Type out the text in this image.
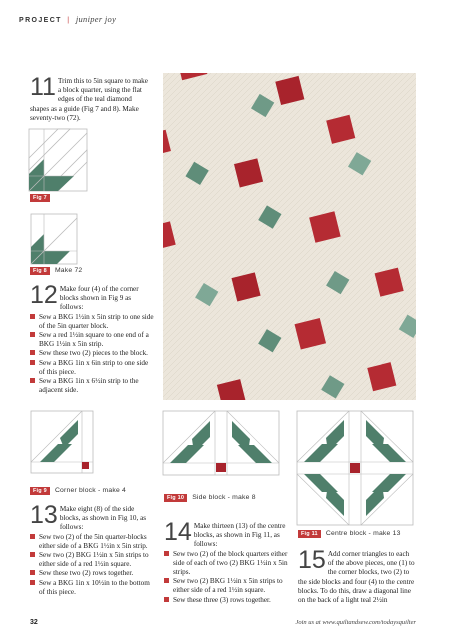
PROJECT | juniper joy
11 Trim this to 5in square to make a block quarter, using the flat edges of the teal diamond shapes as a guide (Fig 7 and 8). Make seventy-two (72).
Fig 7
Fig 8 Make 72
12 Make four (4) of the corner blocks shown in Fig 9 as follows:
Sew a BKG 1½in x 5in strip to one side of the 5in quarter block.
Sew a red 1½in square to one end of a BKG 1½in x 5in strip.
Sew these two (2) pieces to the block.
Sew a BKG 1in x 6in strip to one side of this piece.
Sew a BKG 1in x 6½in strip to the adjacent side.
Fig 9 Corner block - make 4
Fig 10 Side block - make 8
Fig 11 Centre block - make 13
13 Make eight (8) of the side blocks, as shown in Fig 10, as follows:
Sew two (2) of the 5in quarter-blocks either side of a BKG 1½in x 5in strip.
Sew two (2) BKG 1½in x 5in strips to either side of a red 1½in square.
Sew these two (2) rows together.
Sew a BKG 1in x 10½in to the bottom of this piece.
14 Make thirteen (13) of the centre blocks, as shown in Fig 11, as follows:
Sew two (2) of the block quarters either side of each of two (2) BKG 1½in x 5in strips.
Sew two (2) BKG 1½in x 5in strips to either side of a red 1½in square.
Sew these three (3) rows together.
15 Add corner triangles to each of the above pieces, one (1) to the corner blocks, two (2) to the side blocks and four (4) to the centre blocks. To do this, draw a diagonal line on the back of a light teal 2½in
32	Join us at www.quiltandsew.com/todaysquilter
